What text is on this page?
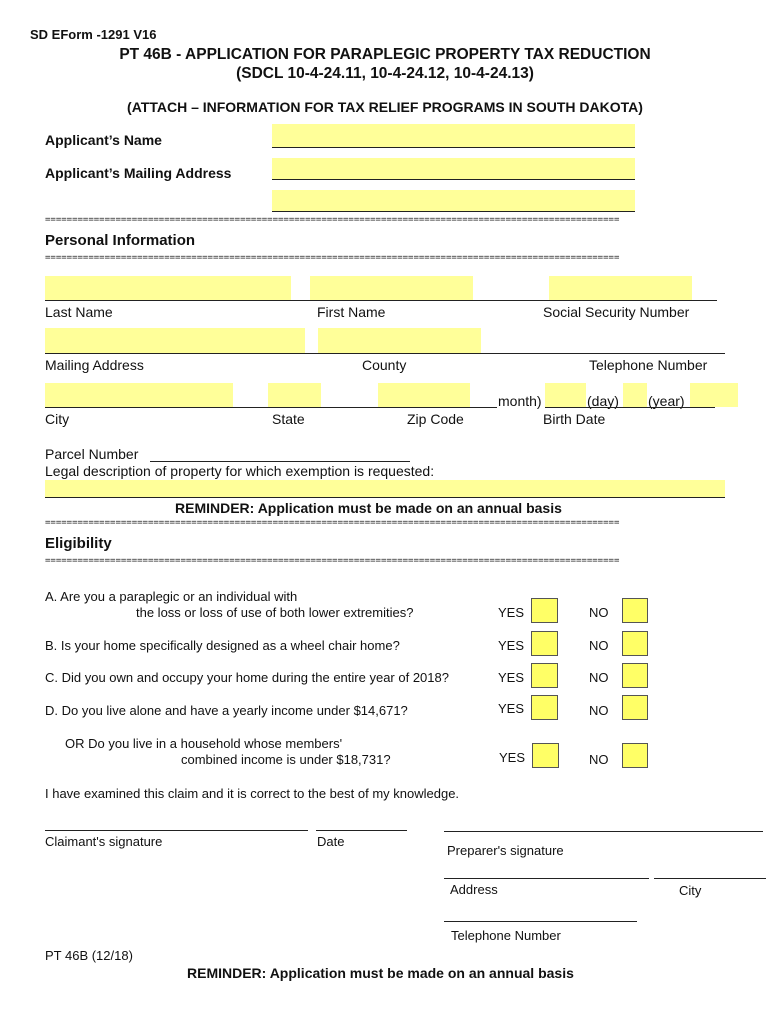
SD EForm -1291 V16
PT 46B - APPLICATION FOR PARAPLEGIC PROPERTY TAX REDUCTION
(SDCL 10-4-24.11, 10-4-24.12, 10-4-24.13)
(ATTACH – INFORMATION FOR TAX RELIEF PROGRAMS IN SOUTH DAKOTA)
Applicant’s Name
Applicant’s Mailing Address
==========================================================================================================
Personal Information
==========================================================================================================
Last Name	First Name	Social Security Number
Mailing Address	County	Telephone Number
month)	(day) (year)
City	State	Zip Code	Birth Date
Parcel Number
Legal description of property for which exemption is requested:
REMINDER: Application must be made on an annual basis
==========================================================================================================
Eligibility
==========================================================================================================
A. Are you a paraplegic or an individual with
the loss or loss of use of both lower extremities?	YES	NO
B. Is your home specifically designed as a wheel chair home?	YES	NO
C. Did you own and occupy your home during the entire year of 2018?	YES	NO
D. Do you live alone and have a yearly income under $14,671?	YES	NO
OR Do you live in a household whose members'
combined income is under $18,731?	YES	NO
I have examined this claim and it is correct to the best of my knowledge.
Claimant's signature	Date
Preparer's signature
Address	City
Telephone Number
PT 46B (12/18)
REMINDER: Application must be made on an annual basis
